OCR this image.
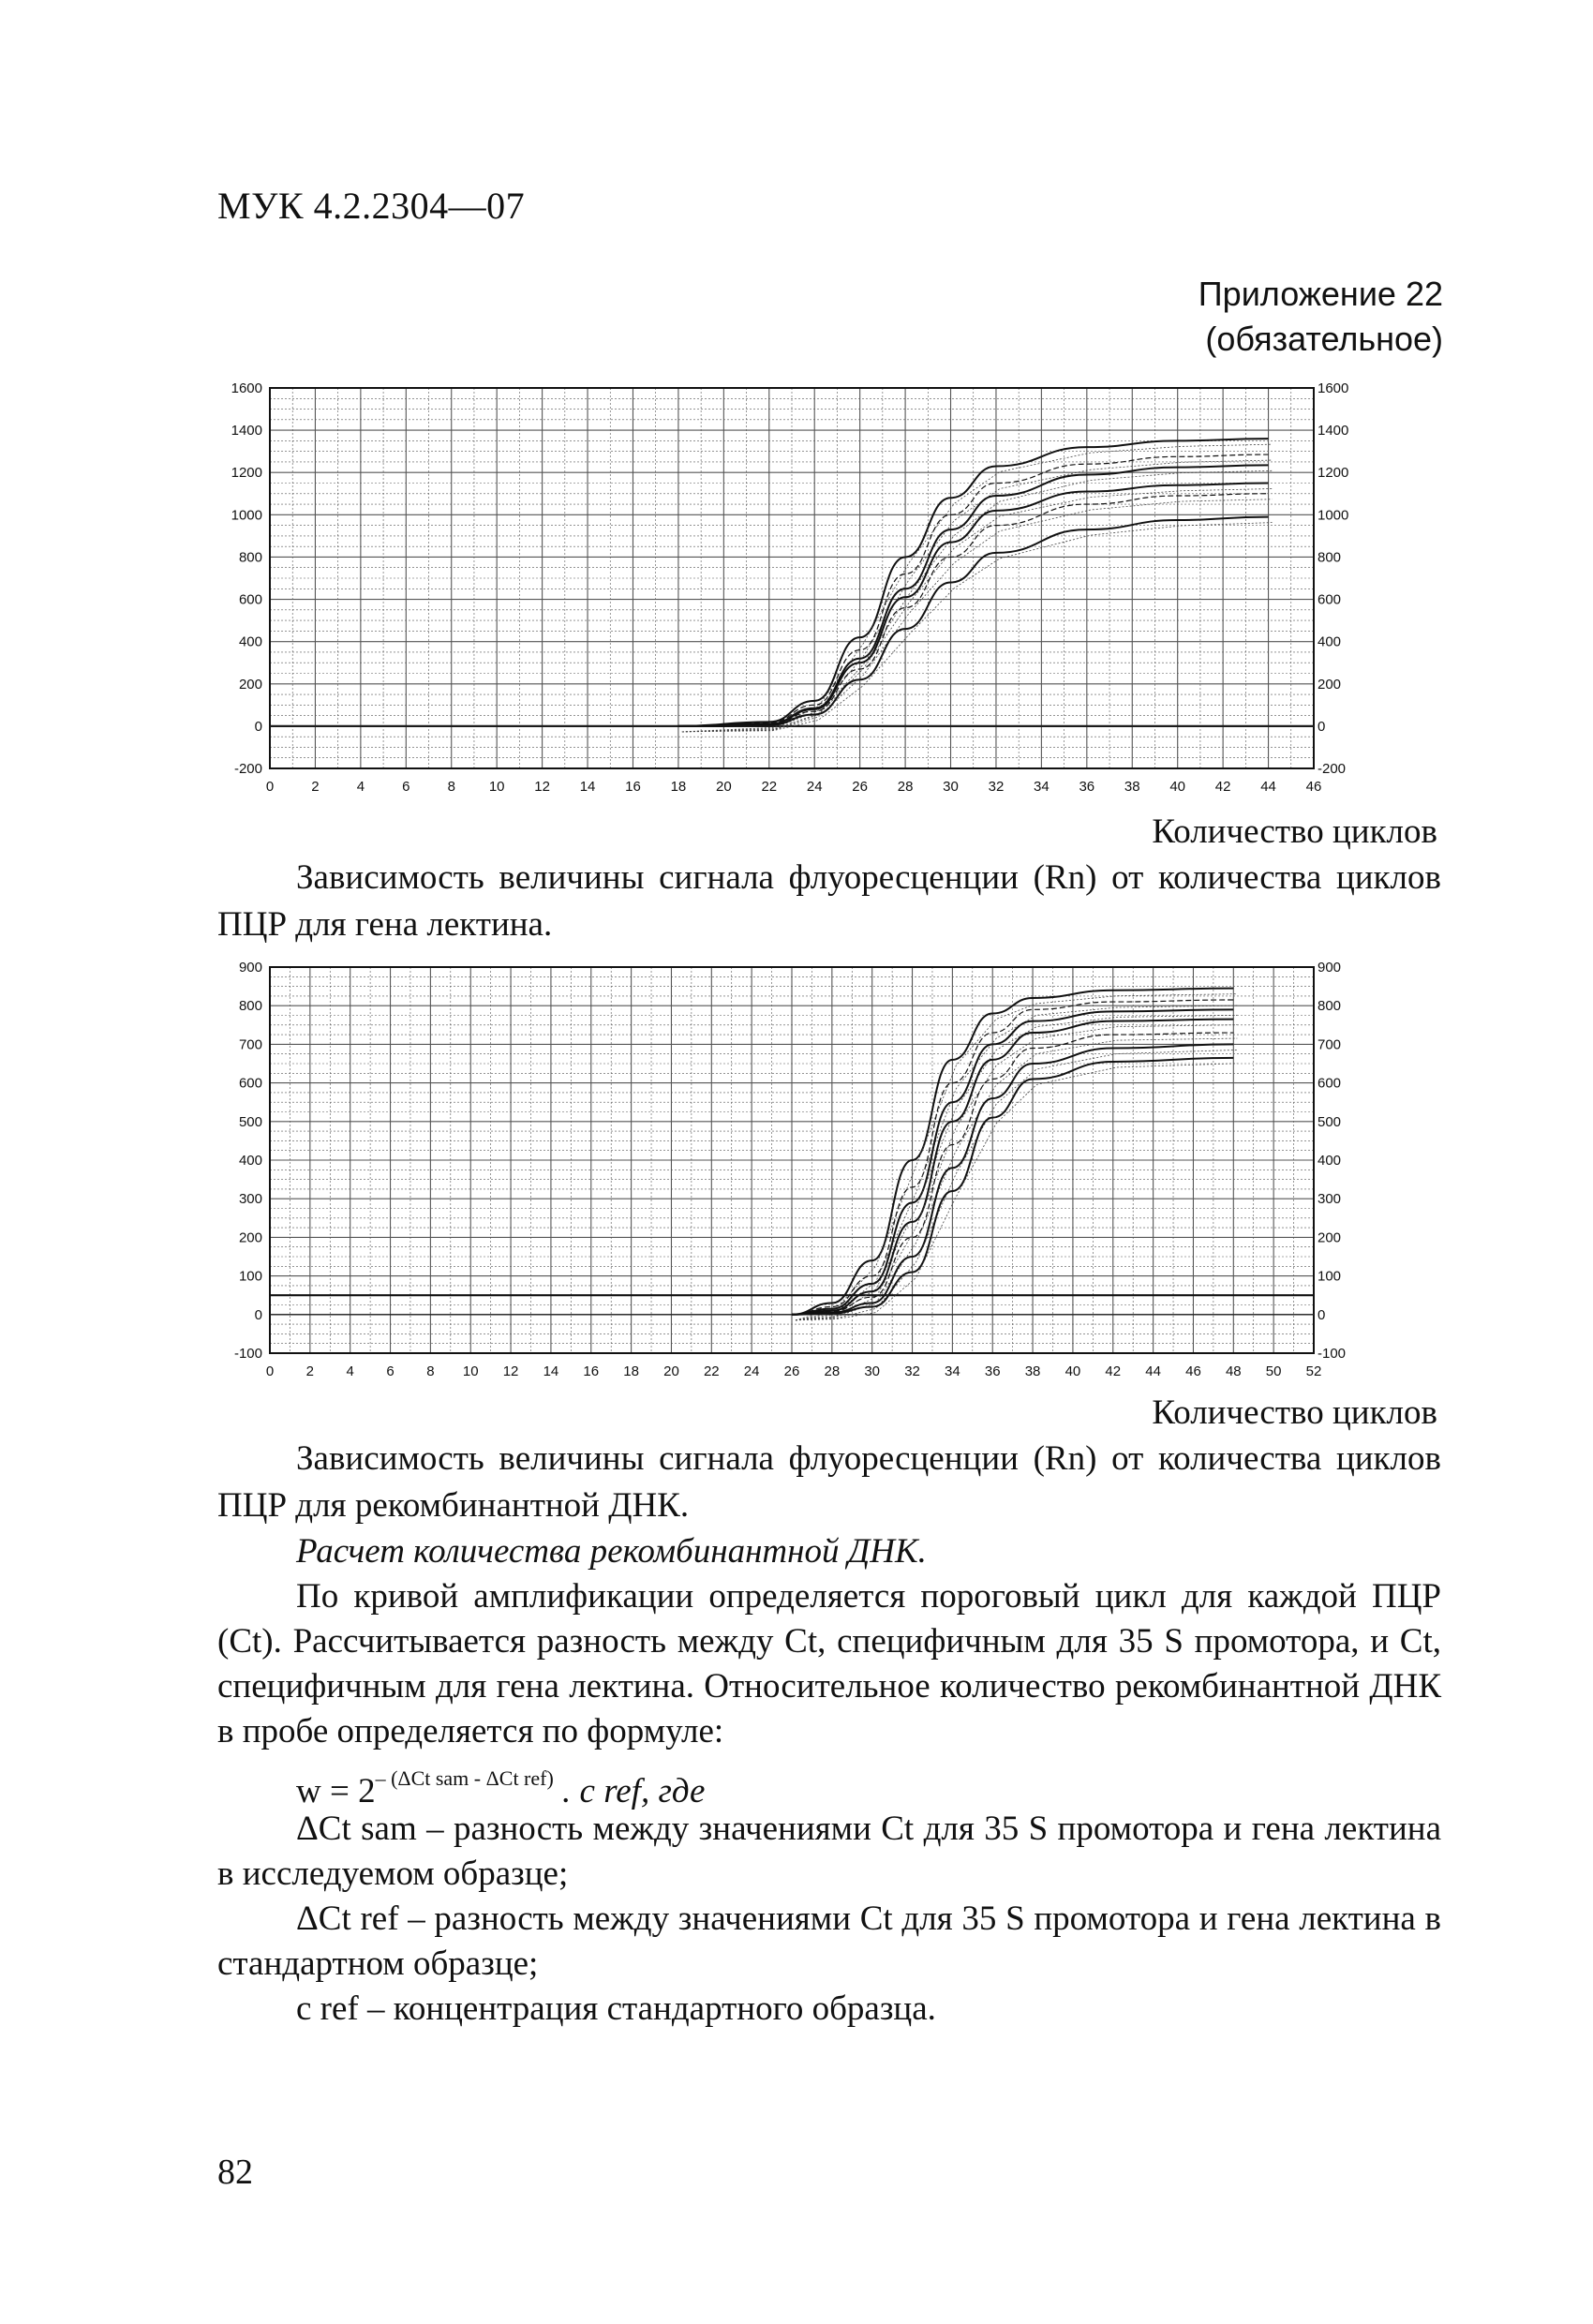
МУК 4.2.2304—07
Приложение 22
(обязательное)
0	2	4	6	8 10 12 14 16 18 20 22 24 26 28 30 32 34 36 38 40 42 44 46
-200	-200
0	0
200	200
400	400
600	600
800	800
1000	1000
1200	1200
1400	1400
1600	1600
Количество циклов
Зависимость величины сигнала флуоресценции (Rn) от количества циклов ПЦР для гена лектина.
0 2 4 6 8 10 12 14 16 18 20 22 24 26 28 30 32 34 36 38 40 42 44 46 48 50 52
-100	-100
0	0
100	100
200	200
300	300
400	400
500	500
600	600
700	700
800	800
900	900
Количество циклов
Зависимость величины сигнала флуоресценции (Rn) от количества циклов ПЦР для рекомбинантной ДНК.

Расчет количества рекомбинантной ДНК.

По кривой амплификации определяется пороговый цикл для каждой ПЦР (Ct). Рассчитывается разность между Ct, специфичным для 35 S промотора, и Ct, специфичным для гена лектина. Относительное количество рекомбинантной ДНК в пробе определяется по формуле:

$w = 2^{- (\Delta Ct sam - \Delta Ct ref)}$ . c ref, где

ΔCt sam – разность между значениями Ct для 35 S промотора и гена лектина в исследуемом образце;

ΔCt ref – разность между значениями Ct для 35 S промотора и гена лектина в стандартном образце;

c ref – концентрация стандартного образца.

82
